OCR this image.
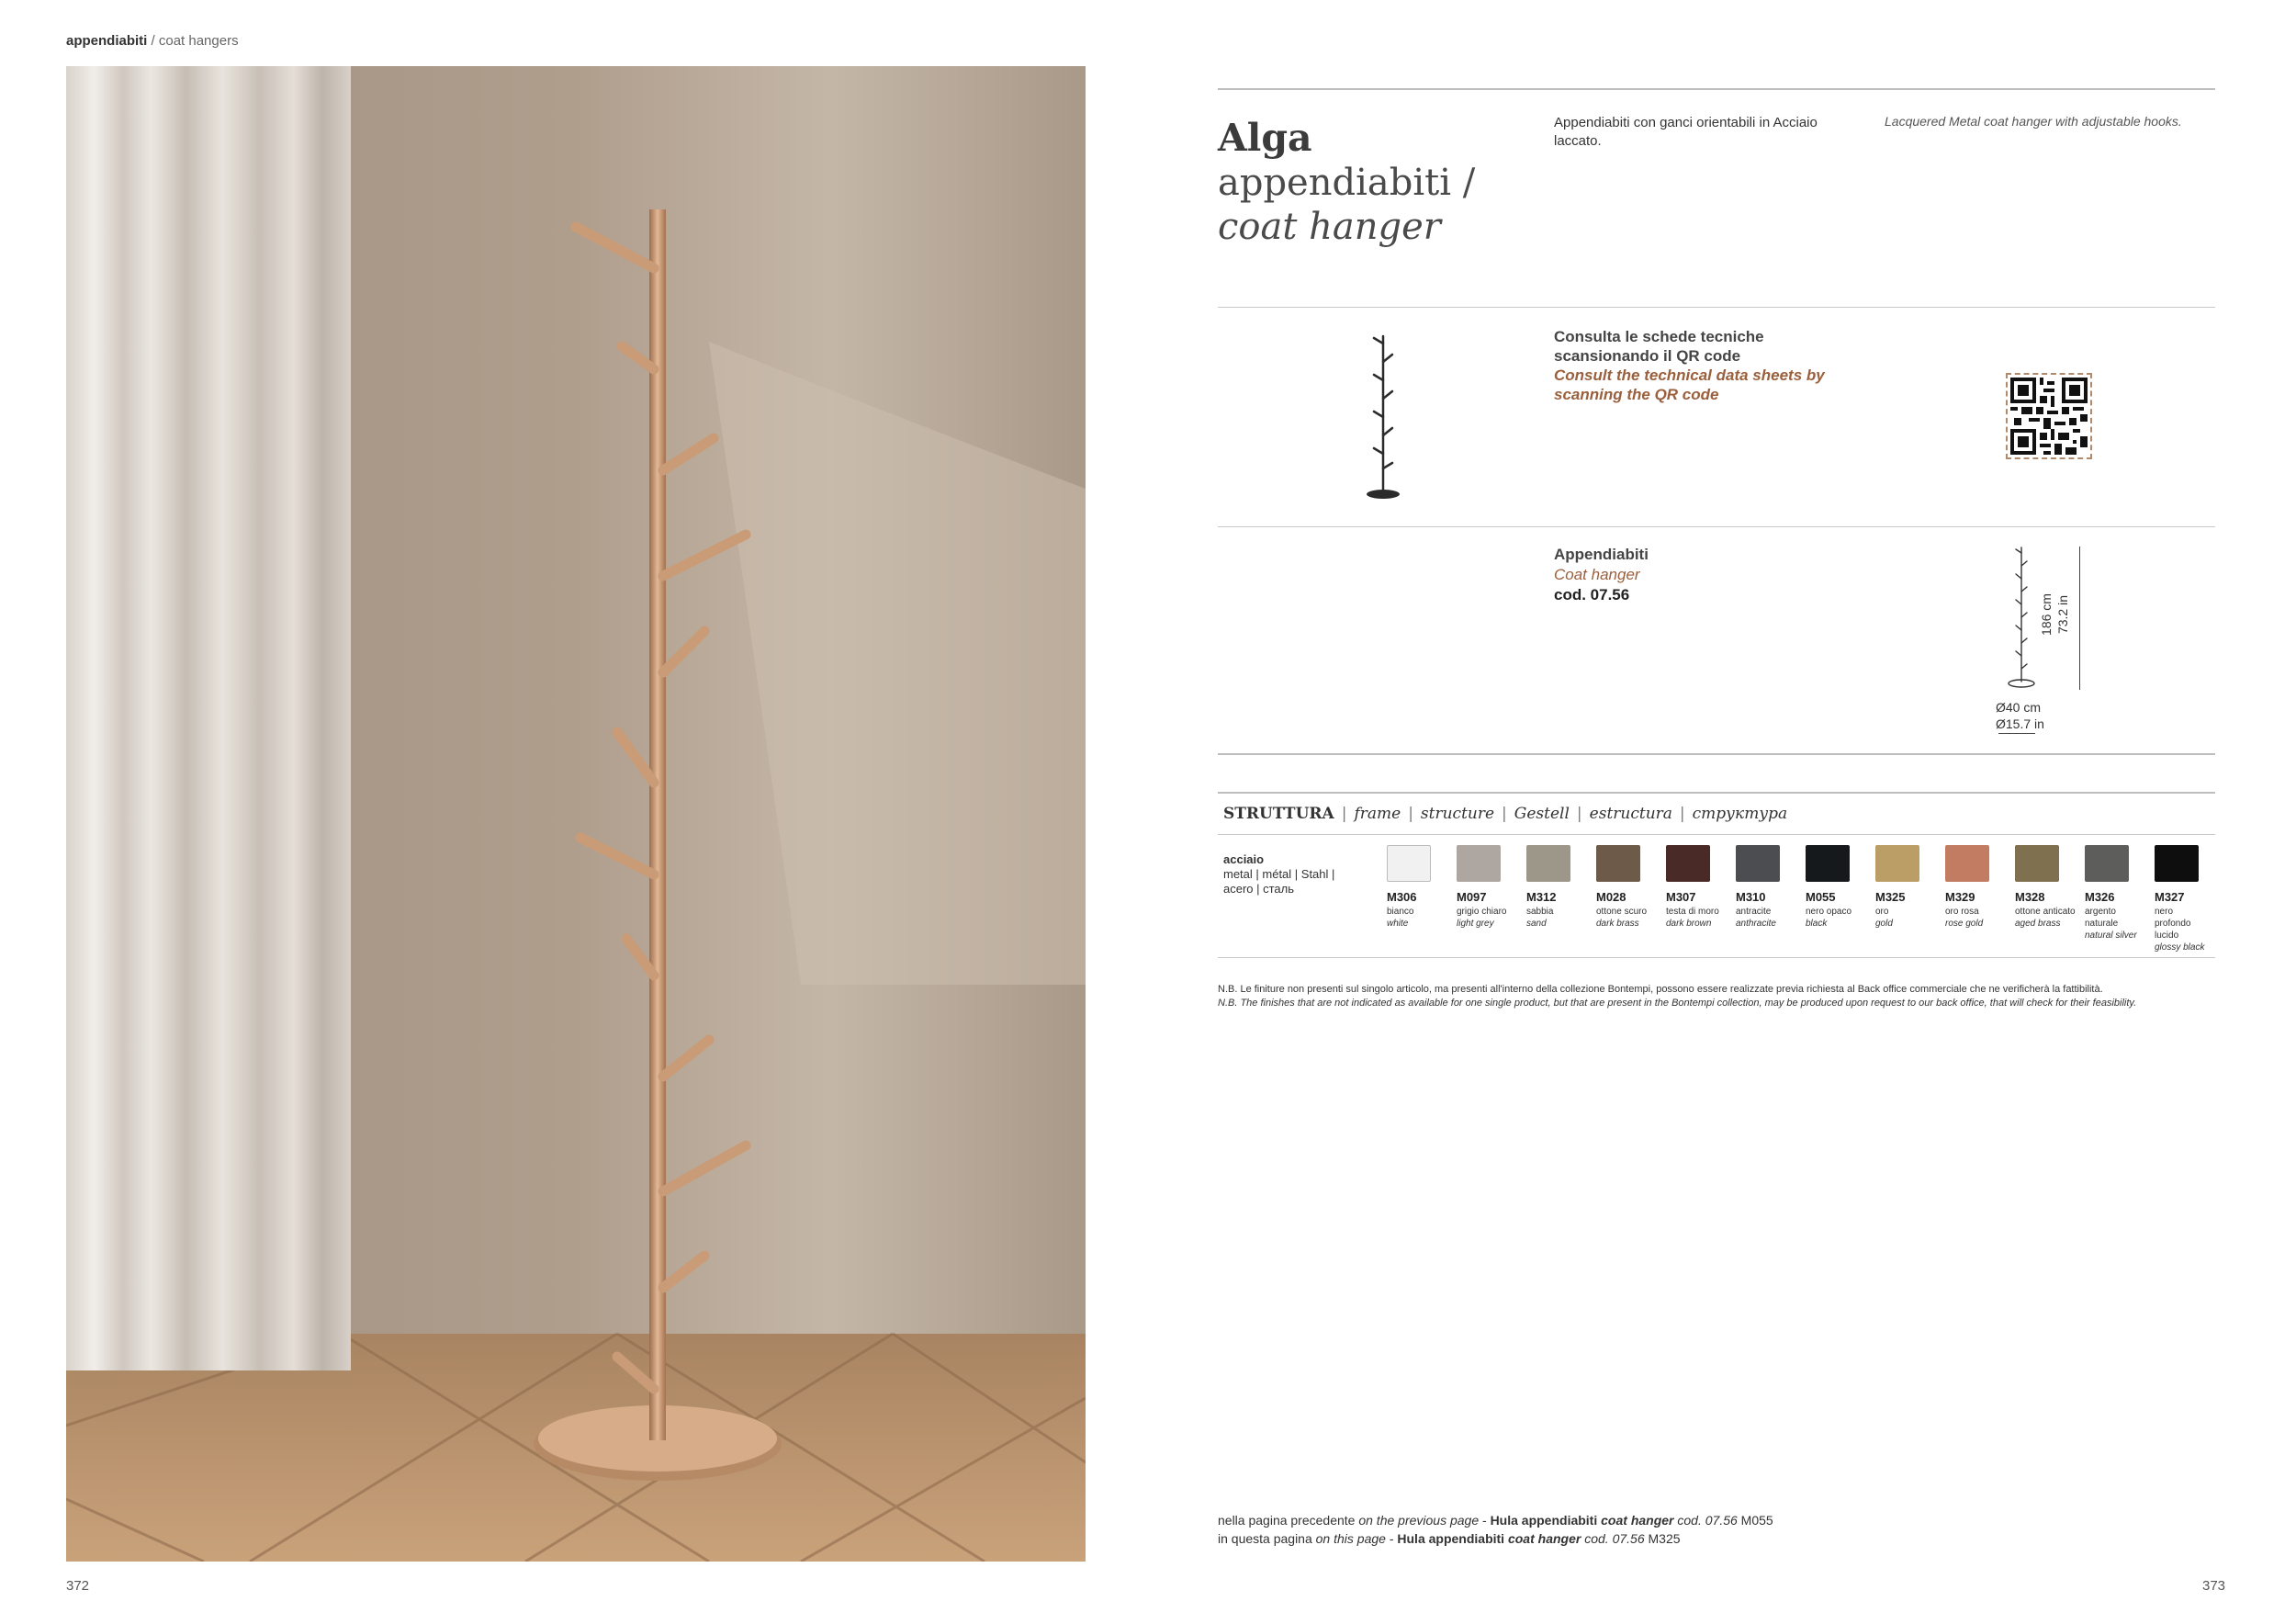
appendiabiti / coat hangers
372	373
Alga
appendiabiti /
coat hanger
Appendiabiti con ganci orientabili in Acciaio laccato.
Lacquered Metal coat hanger with adjustable hooks.
Consulta le schede tecniche scansionando il QR code
Consult the technical data sheets by scanning the QR code
Appendiabiti
Coat hanger
cod. 07.56	186 cm 73.2 in
Ø40 cm
Ø15.7 in
STRUTTURA | frame | structure | Gestell | estructura | структура
acciaio
metal | métal | Stahl |
acero | сталь
M306
bianco
white
M097
grigio chiaro
light grey
M312
sabbia
sand
M028
ottone scuro
dark brass
M307
testa di moro
dark brown
M310
antracite
anthracite
M055
nero opaco
black
M325
oro
gold
M329
oro rosa
rose gold
M328
ottone anticato
aged brass
M326
argento naturale
natural silver
M327
nero profondo lucido
glossy black
N.B. Le finiture non presenti sul singolo articolo, ma presenti all'interno della collezione Bontempi, possono essere realizzate previa richiesta al Back office commerciale che ne verificherà la fattibilità.
N.B. The finishes that are not indicated as available for one single product, but that are present in the Bontempi collection, may be produced upon request to our back office, that will check for their feasibility.
nella pagina precedente on the previous page - Hula appendiabiti coat hanger cod. 07.56 M055
in questa pagina on this page - Hula appendiabiti coat hanger cod. 07.56 M325
